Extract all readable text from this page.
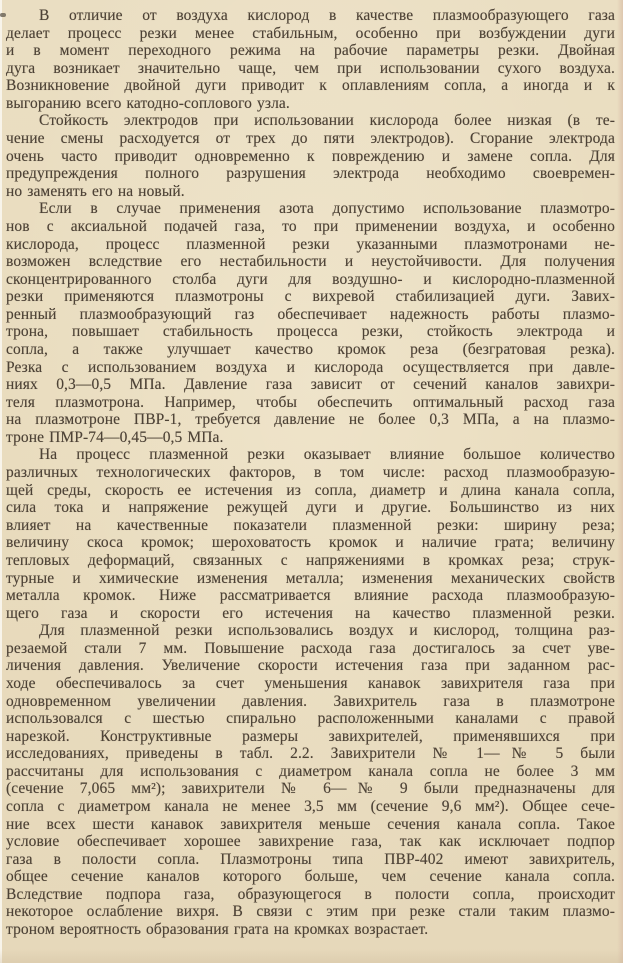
В отличие от воздуха кислород в качестве плазмообразующего газа
делает процесс резки менее стабильным, особенно при возбуждении дуги
и в момент переходного режима на рабочие параметры резки. Двойная
дуга возникает значительно чаще, чем при использовании сухого воздуха.
Возникновение двойной дуги приводит к оплавлениям сопла, а иногда и к
выгоранию всего катодно-соплового узла.
Стойкость электродов при использовании кислорода более низкая (в те-
чение смены расходуется от трех до пяти электродов). Сгорание электрода
очень часто приводит одновременно к повреждению и замене сопла. Для
предупреждения полного разрушения электрода необходимо своевремен-
но заменять его на новый.
Если в случае применения азота допустимо использование плазмотро-
нов с аксиальной подачей газа, то при применении воздуха, и особенно
кислорода, процесс плазменной резки указанными плазмотронами не-
возможен вследствие его нестабильности и неустойчивости. Для получения
сконцентрированного столба дуги для воздушно- и кислородно-плазменной
резки применяются плазмотроны с вихревой стабилизацией дуги. Завих-
ренный плазмообразующий газ обеспечивает надежность работы плазмо-
трона, повышает стабильность процесса резки, стойкость электрода и
сопла, а также улучшает качество кромок реза (безгратовая резка).
Резка с использованием воздуха и кислорода осуществляется при давле-
ниях 0,3—0,5 МПа. Давление газа зависит от сечений каналов завихри-
теля плазмотрона. Например, чтобы обеспечить оптимальный расход газа
на плазмотроне ПВР-1, требуется давление не более 0,3 МПа, а на плазмо-
троне ПМР-74—0,45—0,5 МПа.
На процесс плазменной резки оказывает влияние большое количество
различных технологических факторов, в том числе: расход плазмообразую-
щей среды, скорость ее истечения из сопла, диаметр и длина канала сопла,
сила тока и напряжение режущей дуги и другие. Большинство из них
влияет на качественные показатели плазменной резки: ширину реза;
величину скоса кромок; шероховатость кромок и наличие грата; величину
тепловых деформаций, связанных с напряжениями в кромках реза; струк-
турные и химические изменения металла; изменения механических свойств
металла кромок. Ниже рассматривается влияние расхода плазмообразую-
щего газа и скорости его истечения на качество плазменной резки.
Для плазменной резки использовались воздух и кислород, толщина раз-
резаемой стали 7 мм. Повышение расхода газа достигалось за счет уве-
личения давления. Увеличение скорости истечения газа при заданном рас-
ходе обеспечивалось за счет уменьшения канавок завихрителя газа при
одновременном увеличении давления. Завихритель газа в плазмотроне
использовался с шестью спирально расположенными каналами с правой
нарезкой. Конструктивные размеры завихрителей, применявшихся при
исследованиях, приведены в табл. 2.2. Завихрители № 1—№ 5 были
рассчитаны для использования с диаметром канала сопла не более 3 мм
(сечение 7,065 мм²); завихрители № 6—№ 9 были предназначены для
сопла с диаметром канала не менее 3,5 мм (сечение 9,6 мм²). Общее сече-
ние всех шести канавок завихрителя меньше сечения канала сопла. Такое
условие обеспечивает хорошее завихрение газа, так как исключает подпор
газа в полости сопла. Плазмотроны типа ПВР-402 имеют завихритель,
общее сечение каналов которого больше, чем сечение канала сопла.
Вследствие подпора газа, образующегося в полости сопла, происходит
некоторое ослабление вихря. В связи с этим при резке стали таким плазмо-
троном вероятность образования грата на кромках возрастает.
